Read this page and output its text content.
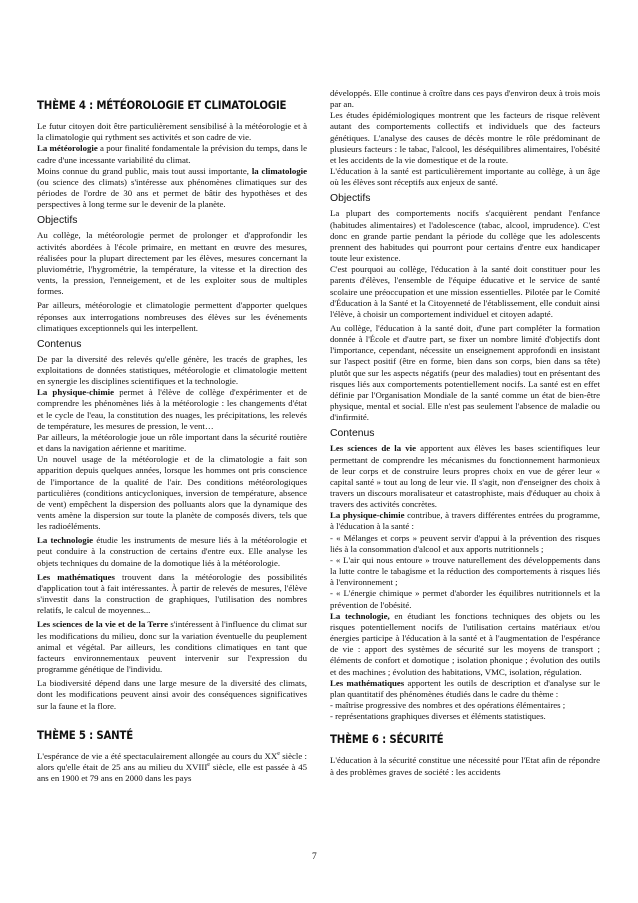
THÈME 4 : MÉTÉOROLOGIE ET CLIMATOLOGIE

Le futur citoyen doit être particulièrement sensibilisé à la météorologie et à la climatologie qui rythment ses activités et son cadre de vie.

La météorologie a pour finalité fondamentale la prévision du temps, dans le cadre d'une incessante variabilité du climat.

Moins connue du grand public, mais tout aussi importante, la climatologie (ou science des climats) s'intéresse aux phénomènes climatiques sur des périodes de l'ordre de 30 ans et permet de bâtir des hypothèses et des perspectives à long terme sur le devenir de la planète.

Objectifs

Au collège, la météorologie permet de prolonger et d'approfondir les activités abordées à l'école primaire, en mettant en œuvre des mesures, réalisées pour la plupart directement par les élèves, mesures concernant la pluviométrie, l'hygrométrie, la température, la vitesse et la direction des vents, la pression, l'enneigement, et de les exploiter sous de multiples formes.

Par ailleurs, météorologie et climatologie permettent d'apporter quelques réponses aux interrogations nombreuses des élèves sur les événements climatiques exceptionnels qui les interpellent.

Contenus

De par la diversité des relevés qu'elle génère, les tracés de graphes, les exploitations de données statistiques, météorologie et climatologie mettent en synergie les disciplines scientifiques et la technologie.

La physique-chimie permet à l'élève de collège d'expérimenter et de comprendre les phénomènes liés à la météorologie : les changements d'état et le cycle de l'eau, la constitution des nuages, les précipitations, les relevés de température, les mesures de pression, le vent…

Par ailleurs, la météorologie joue un rôle important dans la sécurité routière et dans la navigation aérienne et maritime.

Un nouvel usage de la météorologie et de la climatologie a fait son apparition depuis quelques années, lorsque les hommes ont pris conscience de l'importance de la qualité de l'air. Des conditions météorologiques particulières (conditions anticycloniques, inversion de température, absence de vent) empêchent la dispersion des polluants alors que la dynamique des vents amène la dispersion sur toute la planète de composés divers, tels que les radioéléments.

La technologie étudie les instruments de mesure liés à la météorologie et peut conduire à la construction de certains d'entre eux. Elle analyse les objets techniques du domaine de la domotique liés à la météorologie.

Les mathématiques trouvent dans la météorologie des possibilités d'application tout à fait intéressantes. À partir de relevés de mesures, l'élève s'investit dans la construction de graphiques, l'utilisation des nombres relatifs, le calcul de moyennes...

Les sciences de la vie et de la Terre s'intéressent à l'influence du climat sur les modifications du milieu, donc sur la variation éventuelle du peuplement animal et végétal. Par ailleurs, les conditions climatiques en tant que facteurs environnementaux peuvent intervenir sur l'expression du programme génétique de l'individu.

La biodiversité dépend dans une large mesure de la diversité des climats, dont les modifications peuvent ainsi avoir des conséquences significatives sur la faune et la flore.

THÈME 5 : SANTÉ

L'espérance de vie a été spectaculairement allongée au cours du XXe siècle : alors qu'elle était de 25 ans au milieu du XVIIIe siècle, elle est passée à 45 ans en 1900 et 79 ans en 2000 dans les pays

développés. Elle continue à croître dans ces pays d'environ deux à trois mois par an.

Les études épidémiologiques montrent que les facteurs de risque relèvent autant des comportements collectifs et individuels que des facteurs génétiques. L'analyse des causes de décès montre le rôle prédominant de plusieurs facteurs : le tabac, l'alcool, les déséquilibres alimentaires, l'obésité et les accidents de la vie domestique et de la route.

L'éducation à la santé est particulièrement importante au collège, à un âge où les élèves sont réceptifs aux enjeux de santé.

Objectifs

La plupart des comportements nocifs s'acquièrent pendant l'enfance (habitudes alimentaires) et l'adolescence (tabac, alcool, imprudence). C'est donc en grande partie pendant la période du collège que les adolescents prennent des habitudes qui pourront pour certains d'entre eux handicaper toute leur existence.

C'est pourquoi au collège, l'éducation à la santé doit constituer pour les parents d'élèves, l'ensemble de l'équipe éducative et le service de santé scolaire une préoccupation et une mission essentielles. Pilotée par le Comité d'Éducation à la Santé et la Citoyenneté de l'établissement, elle conduit ainsi l'élève, à choisir un comportement individuel et citoyen adapté.

Au collège, l'éducation à la santé doit, d'une part compléter la formation donnée à l'École et d'autre part, se fixer un nombre limité d'objectifs dont l'importance, cependant, nécessite un enseignement approfondi en insistant sur l'aspect positif (être en forme, bien dans son corps, bien dans sa tête) plutôt que sur les aspects négatifs (peur des maladies) tout en présentant des risques liés aux comportements potentiellement nocifs. La santé est en effet définie par l'Organisation Mondiale de la santé comme un état de bien-être physique, mental et social. Elle n'est pas seulement l'absence de maladie ou d'infirmité.

Contenus

Les sciences de la vie apportent aux élèves les bases scientifiques leur permettant de comprendre les mécanismes du fonctionnement harmonieux de leur corps et de construire leurs propres choix en vue de gérer leur « capital santé » tout au long de leur vie. Il s'agit, non d'enseigner des choix à travers un discours moralisateur et catastrophiste, mais d'éduquer au choix à travers des activités concrètes.

La physique-chimie contribue, à travers différentes entrées du programme, à l'éducation à la santé :

- « Mélanges et corps » peuvent servir d'appui à la prévention des risques liés à la consommation d'alcool et aux apports nutritionnels ;

- « L'air qui nous entoure » trouve naturellement des développements dans la lutte contre le tabagisme et la réduction des comportements à risques liés à l'environnement ;

- « L'énergie chimique » permet d'aborder les équilibres nutritionnels et la prévention de l'obésité.

La technologie, en étudiant les fonctions techniques des objets ou les risques potentiellement nocifs de l'utilisation certains matériaux et/ou énergies participe à l'éducation à la santé et à l'augmentation de l'espérance de vie : apport des systèmes de sécurité sur les moyens de transport ; éléments de confort et domotique ; isolation phonique ; évolution des outils et des machines ; évolution des habitations, VMC, isolation, régulation.

Les mathématiques apportent les outils de description et d'analyse sur le plan quantitatif des phénomènes étudiés dans le cadre du thème :

- maîtrise progressive des nombres et des opérations élémentaires ;

- représentations graphiques diverses et éléments statistiques.

THÈME 6 : SÉCURITÉ

L'éducation à la sécurité constitue une nécessité pour l'Etat afin de répondre à des problèmes graves de société : les accidents

7
